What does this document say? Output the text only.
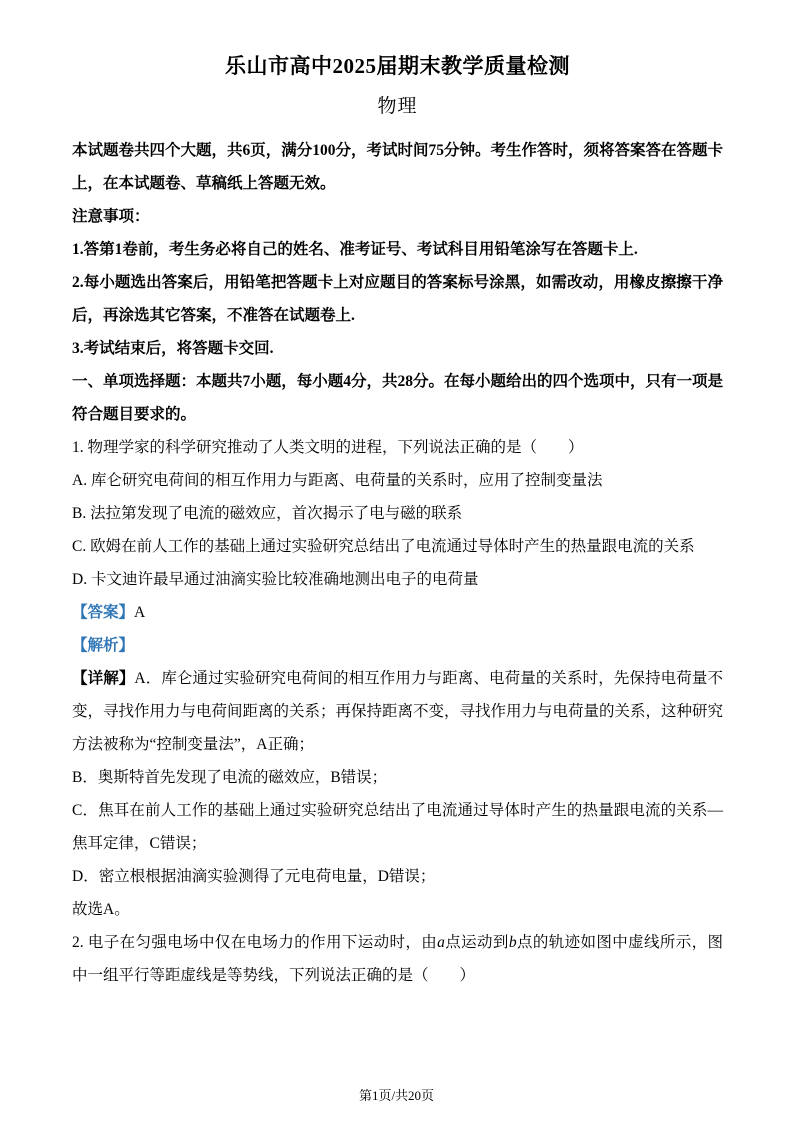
乐山市高中2025届期末教学质量检测
物理

本试题卷共四个大题，共6页，满分100分，考试时间75分钟。考生作答时，须将答案答在答题卡上，在本试题卷、草稿纸上答题无效。

注意事项：

1.答第1卷前，考生务必将自己的姓名、准考证号、考试科目用铅笔涂写在答题卡上.

2.每小题选出答案后，用铅笔把答题卡上对应题目的答案标号涂黑，如需改动，用橡皮擦擦干净后，再涂选其它答案，不准答在试题卷上.

3.考试结束后，将答题卡交回.

一、单项选择题：本题共7小题，每小题4分，共28分。在每小题给出的四个选项中，只有一项是符合题目要求的。

1. 物理学家的科学研究推动了人类文明的进程，下列说法正确的是（　　）

A. 库仑研究电荷间的相互作用力与距离、电荷量的关系时，应用了控制变量法

B. 法拉第发现了电流的磁效应，首次揭示了电与磁的联系

C. 欧姆在前人工作的基础上通过实验研究总结出了电流通过导体时产生的热量跟电流的关系

D. 卡文迪许最早通过油滴实验比较准确地测出电子的电荷量

【答案】A

【解析】

【详解】A．库仑通过实验研究电荷间的相互作用力与距离、电荷量的关系时，先保持电荷量不变，寻找作用力与电荷间距离的关系；再保持距离不变，寻找作用力与电荷量的关系，这种研究方法被称为“控制变量法”，A正确；

B．奥斯特首先发现了电流的磁效应，B错误；

C．焦耳在前人工作的基础上通过实验研究总结出了电流通过导体时产生的热量跟电流的关系—焦耳定律，C错误；

D．密立根根据油滴实验测得了元电荷电量，D错误；

故选A。

2. 电子在匀强电场中仅在电场力的作用下运动时，由a点运动到b点的轨迹如图中虚线所示，图中一组平行等距虚线是等势线，下列说法正确的是（　　）

第1页/共20页
